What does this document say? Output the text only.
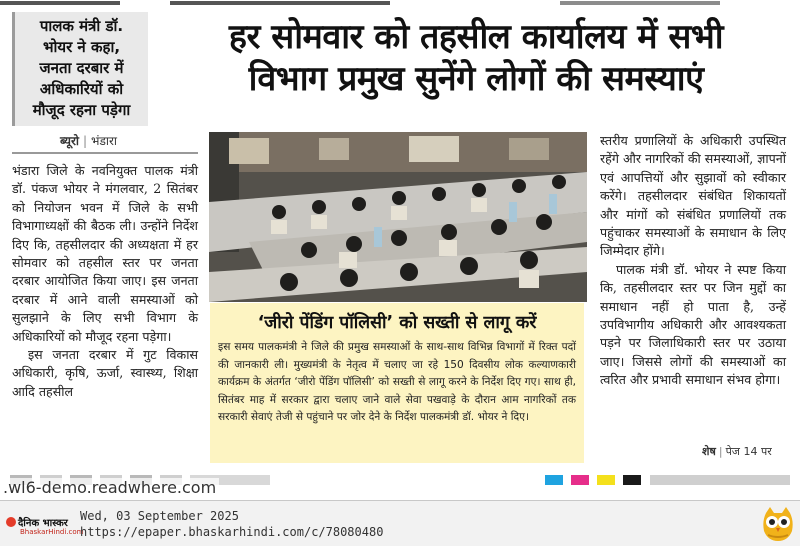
पालक मंत्री डॉ.
भोयर ने कहा,
जनता दरबार में
अधिकारियों को
मौजूद रहना पड़ेगा
हर सोमवार को तहसील कार्यालय में सभी
विभाग प्रमुख सुनेंगे लोगों की समस्याएं
ब्यूरो | भंडारा

भंडारा जिले के नवनियुक्त पालक मंत्री डॉ. पंकज भोयर ने मंगलवार, 2 सितंबर को नियोजन भवन में जिले के सभी विभागाध्यक्षों की बैठक ली। उन्होंने निर्देश दिए कि, तहसीलदार की अध्यक्षता में हर सोमवार को तहसील स्तर पर जनता दरबार आयोजित किया जाए। इस जनता दरबार में आने वाली समस्याओं को सुलझाने के लिए सभी विभाग के अधिकारियों को मौजूद रहना पड़ेगा।

इस जनता दरबार में गुट विकास अधिकारी, कृषि, ऊर्जा, स्वास्थ्य, शिक्षा आदि तहसील

‘जीरो पेंडिंग पॉलिसी’ को सख्ती से लागू करें
इस समय पालकमंत्री ने जिले की प्रमुख समस्याओं के साथ-साथ विभिन्न विभागों में रिक्त पदों की जानकारी ली। मुख्यमंत्री के नेतृत्व में चलाए जा रहे 150 दिवसीय लोक कल्याणकारी कार्यक्रम के अंतर्गत ‘जीरो पेंडिंग पॉलिसी’ को सख्ती से लागू करने के निर्देश दिए गए। साथ ही, सितंबर माह में सरकार द्वारा चलाए जाने वाले सेवा पखवाड़े के दौरान आम नागरिकों तक सरकारी सेवाएं तेजी से पहुंचाने पर जोर देने के निर्देश पालकमंत्री डॉ. भोयर ने दिए।

स्तरीय प्रणालियों के अधिकारी उपस्थित रहेंगे और नागरिकों की समस्याओं, ज्ञापनों एवं आपत्तियों और सुझावों को स्वीकार करेंगे। तहसीलदार संबंधित शिकायतों और मांगों को संबंधित प्रणालियों तक पहुंचाकर समस्याओं के समाधान के लिए जिम्मेदार होंगे।

पालक मंत्री डॉ. भोयर ने स्पष्ट किया कि, तहसीलदार स्तर पर जिन मुद्दों का समाधान नहीं हो पाता है, उन्हें उपविभागीय अधिकारी और आवश्यकता पड़ने पर जिलाधिकारी स्तर पर उठाया जाए। जिससे लोगों की समस्याओं का त्वरित और प्रभावी समाधान संभव होगा।

शेष | पेज 14 पर
.wl6-demo.readwhere.com
दैनिक भास्कर
BhaskarHindi.com
Wed, 03 September 2025
https://epaper.bhaskarhindi.com/c/78080480
